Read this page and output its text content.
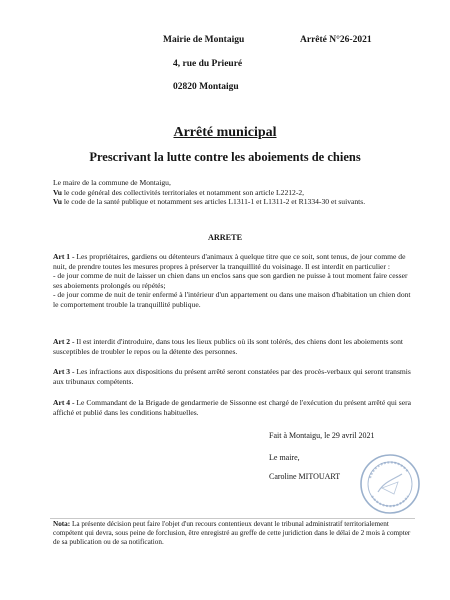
Mairie de Montaigu	Arrêté N°26-2021
4, rue du Prieuré
02820 Montaigu
Arrêté municipal
Prescrivant la lutte contre les aboiements de chiens

Le maire de la commune de Montaigu,

Vu le code général des collectivités territoriales et notamment son article L2212-2,

Vu le code de la santé publique et notamment ses articles L1311-1 et L1311-2 et R1334-30 et suivants.

ARRETE

Art 1 - Les propriétaires, gardiens ou détenteurs d'animaux à quelque titre que ce soit, sont tenus, de jour comme de nuit, de prendre toutes les mesures propres à préserver la tranquillité du voisinage. Il est interdit en particulier :

- de jour comme de nuit de laisser un chien dans un enclos sans que son gardien ne puisse à tout moment faire cesser ses aboiements prolongés ou répétés;

- de jour comme de nuit de tenir enfermé à l'intérieur d'un appartement ou dans une maison d'habitation un chien dont le comportement trouble la tranquillité publique.

Art 2 - Il est interdit d'introduire, dans tous les lieux publics où ils sont tolérés, des chiens dont les aboiements sont susceptibles de troubler le repos ou la détente des personnes.

Art 3 - Les infractions aux dispositions du présent arrêté seront constatées par des procès-verbaux qui seront transmis aux tribunaux compétents.

Art 4 - Le Commandant de la Brigade de gendarmerie de Sissonne est chargé de l'exécution du présent arrêté qui sera affiché et publié dans les conditions habituelles.

Fait à Montaigu, le 29 avril 2021
Le maire,
Caroline MITOUART

Nota: La présente décision peut faire l'objet d'un recours contentieux devant le tribunal administratif territorialement compétent qui devra, sous peine de forclusion, être enregistré au greffe de cette juridiction dans le délai de 2 mois à compter de sa publication ou de sa notification.
